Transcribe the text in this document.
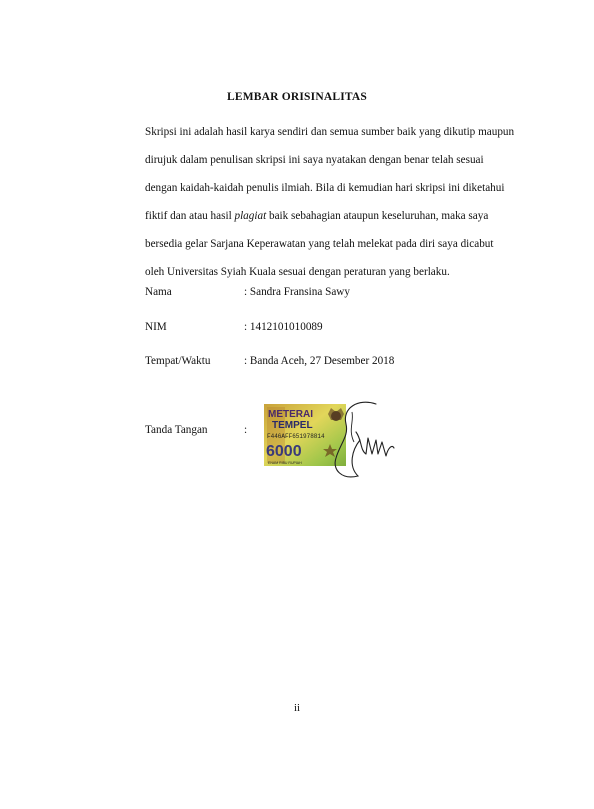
LEMBAR ORISINALITAS
Skripsi ini adalah hasil karya sendiri dan semua sumber baik yang dikutip maupun
dirujuk dalam penulisan skripsi ini saya nyatakan dengan benar telah sesuai
dengan kaidah-kaidah penulis ilmiah. Bila di kemudian hari skripsi ini diketahui
fiktif dan atau hasil plagiat baik sebahagian ataupun keseluruhan, maka saya
bersedia gelar Sarjana Keperawatan yang telah melekat pada diri saya dicabut
oleh Universitas Syiah Kuala sesuai dengan peraturan yang berlaku.
Nama	: Sandra Fransina Sawy
NIM	: 1412101010089
Tempat/Waktu	: Banda Aceh, 27 Desember 2018
Tanda Tangan	:
METERAI
TEMPEL
F446AFF651978814
6000
ENAM RIBU RUPIAH
ii
